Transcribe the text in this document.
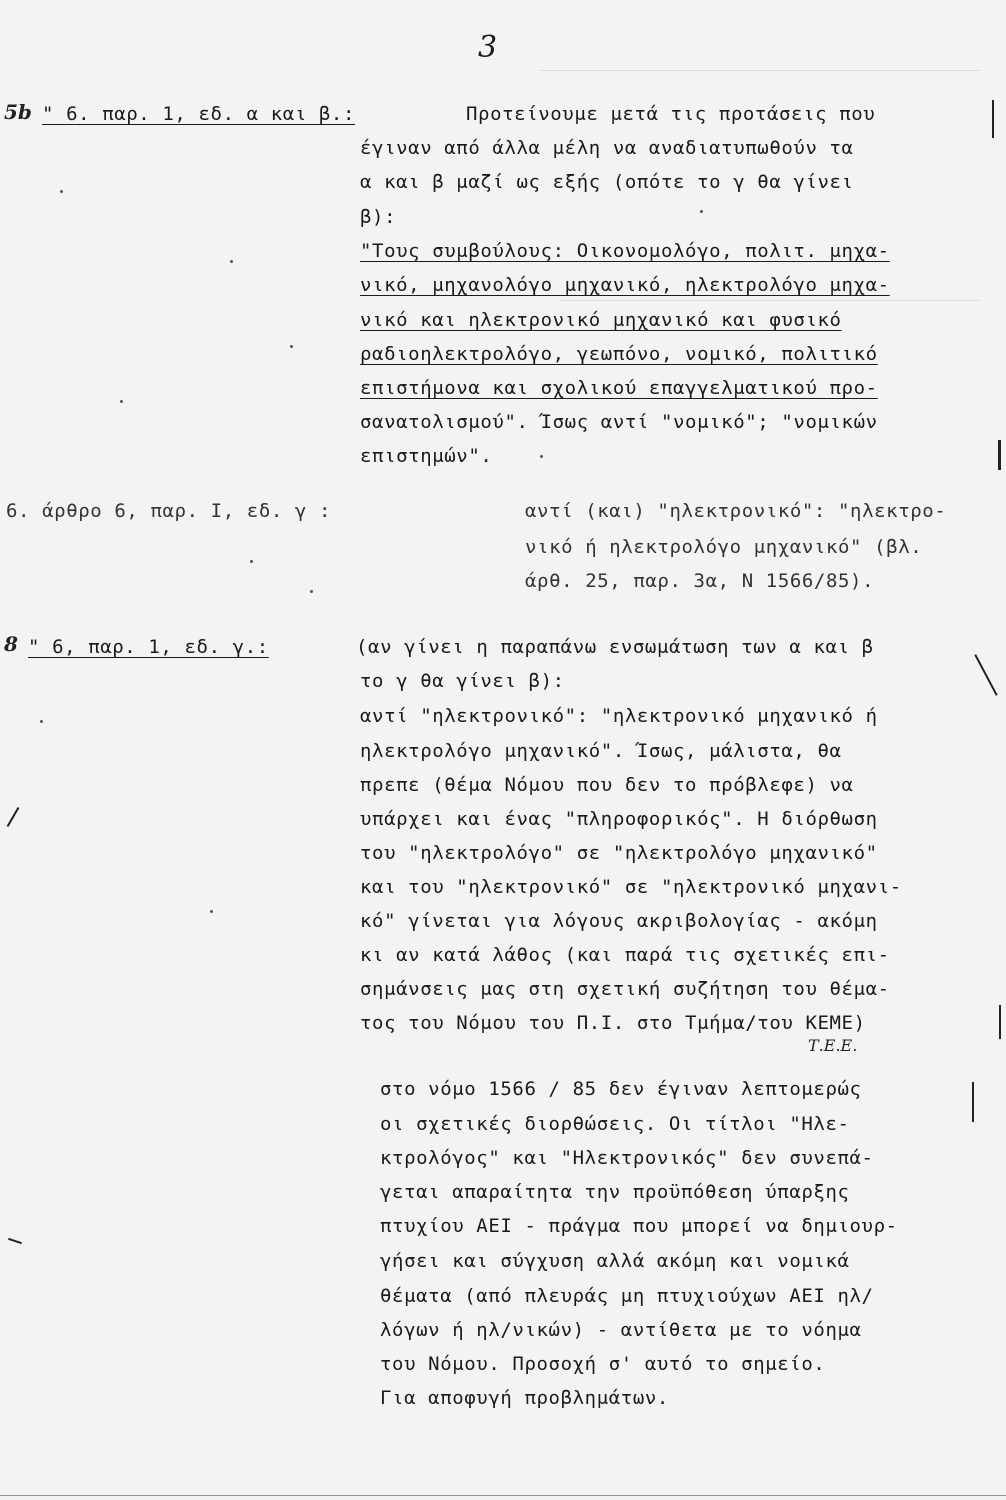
3
5b " 6. παρ. 1, εδ. α και β.:	Προτείνουμε μετά τις προτάσεις που
έγιναν από άλλα μέλη να αναδιατυπωθούν τα
α και β μαζί ως εξής (οπότε το γ θα γίνει
β):
"Τους συμβούλους: Οικονομολόγο, πολιτ. μηχα-
νικό, μηχανολόγο μηχανικό, ηλεκτρολόγο μηχα-
νικό και ηλεκτρονικό μηχανικό και φυσικό
ραδιοηλεκτρολόγο, γεωπόνο, νομικό, πολιτικό
επιστήμονα και σχολικού επαγγελματικού προ-
σανατολισμού". Ίσως αντί "νομικό"; "νομικών
επιστημών".
6. άρθρο 6, παρ. Ι, εδ. γ :	αντί (και) "ηλεκτρονικό": "ηλεκτρο-
νικό ή ηλεκτρολόγο μηχανικό" (βλ.
άρθ. 25, παρ. 3α, Ν 1566/85).
8 " 6, παρ. 1, εδ. γ.:	(αν γίνει η παραπάνω ενσωμάτωση των α και β
το γ θα γίνει β):
αντί "ηλεκτρονικό": "ηλεκτρονικό μηχανικό ή
ηλεκτρολόγο μηχανικό". Ίσως, μάλιστα, θα
πρεπε (θέμα Νόμου που δεν το πρόβλεφε) να
υπάρχει και ένας "πληροφορικός". Η διόρθωση
του "ηλεκτρολόγο" σε "ηλεκτρολόγο μηχανικό"
και του "ηλεκτρονικό" σε "ηλεκτρονικό μηχανι-
κό" γίνεται για λόγους ακριβολογίας - ακόμη
κι αν κατά λάθος (και παρά τις σχετικές επι-
σημάνσεις μας στη σχετική συζήτηση του θέμα-
τος του Νόμου του Π.Ι. στο Τμήμα/του ΚΕΜΕ)
Τ.Ε.Ε.
στο νόμο 1566 / 85 δεν έγιναν λεπτομερώς
οι σχετικές διορθώσεις. Οι τίτλοι "Ηλε-
κτρολόγος" και "Ηλεκτρονικός" δεν συνεπά-
γεται απαραίτητα την προϋπόθεση ύπαρξης
πτυχίου ΑΕΙ - πράγμα που μπορεί να δημιουρ-
γήσει και σύγχυση αλλά ακόμη και νομικά
θέματα (από πλευράς μη πτυχιούχων ΑΕΙ ηλ/
λόγων ή ηλ/νικών) - αντίθετα με το νόημα
του Νόμου. Προσοχή σ' αυτό το σημείο.
Για αποφυγή προβλημάτων.
